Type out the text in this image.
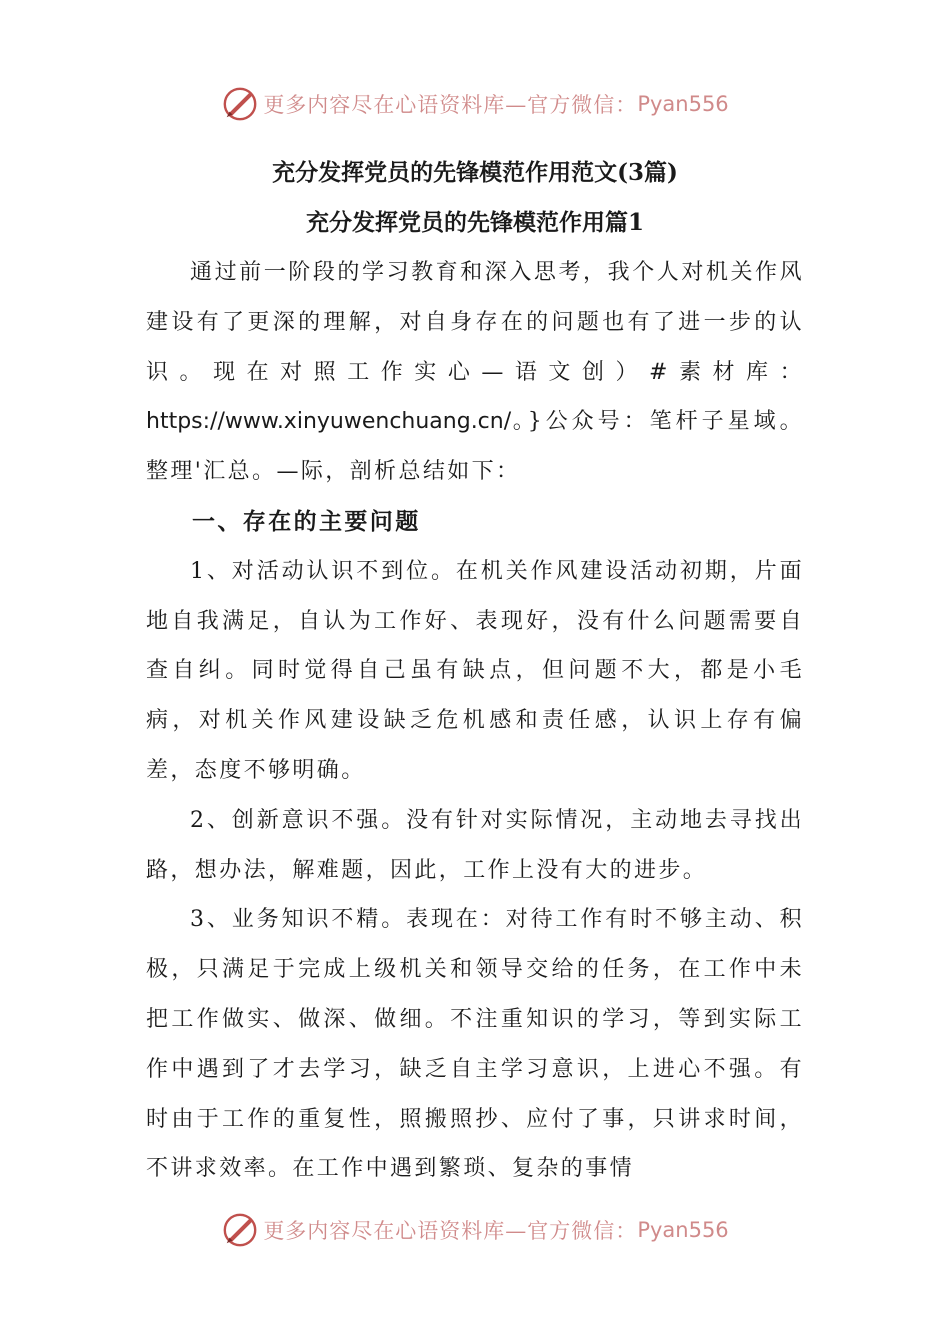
更多内容尽在心语资料库—官方微信： Pyan556
充分发挥党员的先锋模范作用范文(3篇)
充分发挥党员的先锋模范作用篇1

通过前一阶段的学习教育和深入思考，我个人对机关作风建设有了更深的理解，对自身存在的问题也有了进一步的认识。现在对照工作实心—语文创）#素材库：https://www.xinyuwenchuang.cn/。}公众号：笔杆子星域。整理'汇总。—际，剖析总结如下：

一、存在的主要问题

1、对活动认识不到位。在机关作风建设活动初期，片面地自我满足，自认为工作好、表现好，没有什么问题需要自查自纠。同时觉得自己虽有缺点，但问题不大，都是小毛病，对机关作风建设缺乏危机感和责任感，认识上存有偏差，态度不够明确。

2、创新意识不强。没有针对实际情况，主动地去寻找出路，想办法，解难题，因此，工作上没有大的进步。

3、业务知识不精。表现在：对待工作有时不够主动、积极，只满足于完成上级机关和领导交给的任务，在工作中未把工作做实、做深、做细。不注重知识的学习，等到实际工作中遇到了才去学习，缺乏自主学习意识，上进心不强。有时由于工作的重复性，照搬照抄、应付了事，只讲求时间，不讲求效率。在工作中遇到繁琐、复杂的事情

更多内容尽在心语资料库—官方微信： Pyan556
